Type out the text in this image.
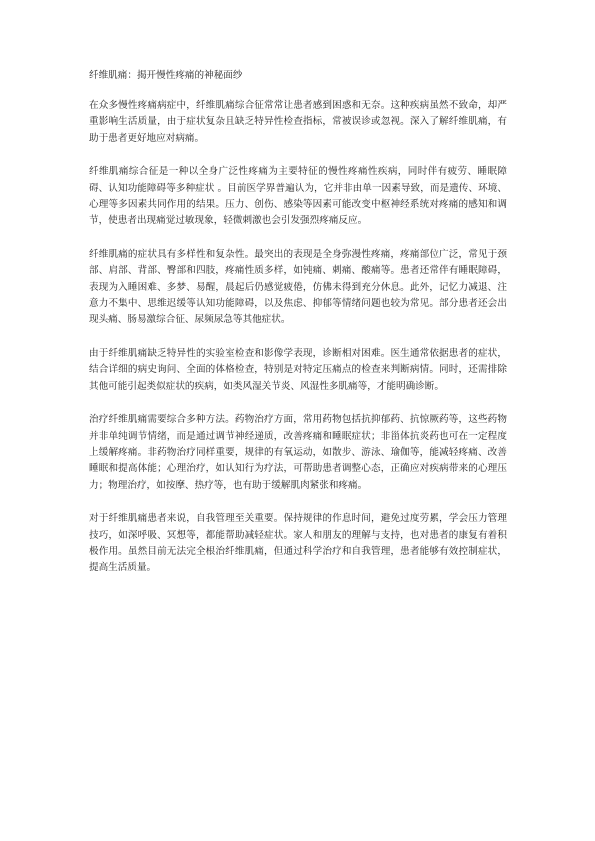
纤维肌痛：揭开慢性疼痛的神秘面纱

在众多慢性疼痛病症中，纤维肌痛综合征常常让患者感到困惑和无奈。这种疾病虽然不致命，却严重影响生活质量，由于症状复杂且缺乏特异性检查指标，常被误诊或忽视。深入了解纤维肌痛，有助于患者更好地应对病痛。

纤维肌痛综合征是一种以全身广泛性疼痛为主要特征的慢性疼痛性疾病，同时伴有疲劳、睡眠障碍、认知功能障碍等多种症状 。目前医学界普遍认为，它并非由单一因素导致，而是遗传、环境、心理等多因素共同作用的结果。压力、创伤、感染等因素可能改变中枢神经系统对疼痛的感知和调节，使患者出现痛觉过敏现象，轻微刺激也会引发强烈疼痛反应。

纤维肌痛的症状具有多样性和复杂性。最突出的表现是全身弥漫性疼痛，疼痛部位广泛，常见于颈部、肩部、背部、臀部和四肢，疼痛性质多样，如钝痛、刺痛、酸痛等。患者还常伴有睡眠障碍，表现为入睡困难、多梦、易醒，晨起后仍感觉疲倦，仿佛未得到充分休息。此外，记忆力减退、注意力不集中、思维迟缓等认知功能障碍，以及焦虑、抑郁等情绪问题也较为常见。部分患者还会出现头痛、肠易激综合征、尿频尿急等其他症状。

由于纤维肌痛缺乏特异性的实验室检查和影像学表现，诊断相对困难。医生通常依据患者的症状，结合详细的病史询问、全面的体格检查，特别是对特定压痛点的检查来判断病情。同时，还需排除其他可能引起类似症状的疾病，如类风湿关节炎、风湿性多肌痛等，才能明确诊断。

治疗纤维肌痛需要综合多种方法。药物治疗方面，常用药物包括抗抑郁药、抗惊厥药等，这些药物并非单纯调节情绪，而是通过调节神经递质，改善疼痛和睡眠症状；非甾体抗炎药也可在一定程度上缓解疼痛。非药物治疗同样重要，规律的有氧运动，如散步、游泳、瑜伽等，能减轻疼痛、改善睡眠和提高体能；心理治疗，如认知行为疗法，可帮助患者调整心态，正确应对疾病带来的心理压力；物理治疗，如按摩、热疗等，也有助于缓解肌肉紧张和疼痛。

对于纤维肌痛患者来说，自我管理至关重要。保持规律的作息时间，避免过度劳累，学会压力管理技巧，如深呼吸、冥想等，都能帮助减轻症状。家人和朋友的理解与支持，也对患者的康复有着积极作用。虽然目前无法完全根治纤维肌痛，但通过科学治疗和自我管理，患者能够有效控制症状，提高生活质量。
